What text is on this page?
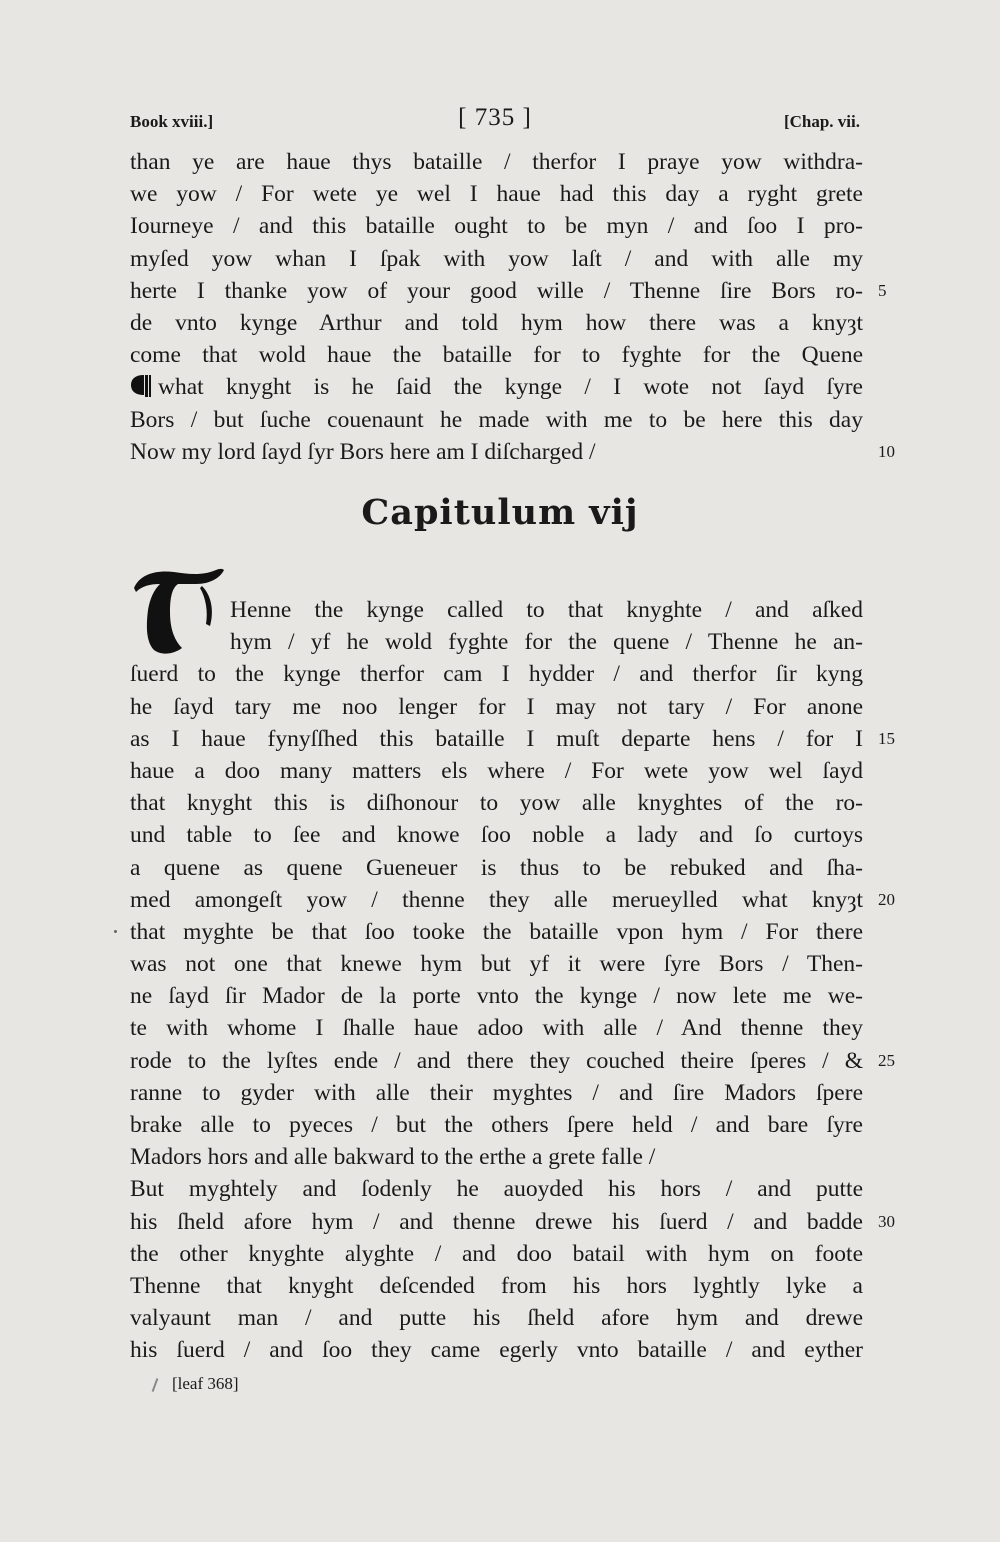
Book xviii.]	[ 735 ]	[Chap. vii.
than ye are haue thys bataille / therfor I praye yow withdra-
we yow / For wete ye wel I haue had this day a ryght grete
Iourneye / and this bataille ought to be myn / and ſoo I pro-
myſed yow whan I ſpak with yow laſt / and with alle my
herte I thanke yow of your good wille / Thenne ſire Bors ro- 5
de vnto kynge Arthur and told hym how there was a knyȝt
come that wold haue the bataille for to fyghte for the Quene
what knyght is he ſaid the kynge / I wote not ſayd ſyre
Bors / but ſuche couenaunt he made with me to be here this day
Now my lord ſayd ſyr Bors here am I diſcharged /	10
Capitulum vij
Henne the kynge called to that knyghte / and aſked
hym / yf he wold fyghte for the quene / Thenne he an-
ſuerd to the kynge therfor cam I hydder / and therfor ſir kyng
he ſayd tary me noo lenger for I may not tary / For anone
as I haue fynyſſhed this bataille I muſt departe hens / for I 15
haue a doo many matters els where / For wete yow wel ſayd
that knyght this is diſhonour to yow alle knyghtes of the ro-
und table to ſee and knowe ſoo noble a lady and ſo curtoys
a quene as quene Gueneuer is thus to be rebuked and ſha-
med amongeſt yow / thenne they alle merueylled what knyȝt 20
that myghte be that ſoo tooke the bataille vpon hym / For there
was not one that knewe hym but yf it were ſyre Bors / Then-
ne ſayd ſir Mador de la porte vnto the kynge / now lete me we-
te with whome I ſhalle haue adoo with alle / And thenne they
rode to the lyſtes ende / and there they couched theire ſperes / & 25
ranne to gyder with alle their myghtes / and ſire Madors ſpere
brake alle to pyeces / but the others ſpere held / and bare ſyre
Madors hors and alle bakward to the erthe a grete falle /
But myghtely and ſodenly he auoyded his hors / and putte
his ſheld afore hym / and thenne drewe his ſuerd / and badde 30
the other knyghte alyghte / and doo batail with hym on foote
Thenne that knyght deſcended from his hors lyghtly lyke a
valyaunt man / and putte his ſheld afore hym and drewe
his ſuerd / and ſoo they came egerly vnto bataille / and eyther
[leaf 368]
